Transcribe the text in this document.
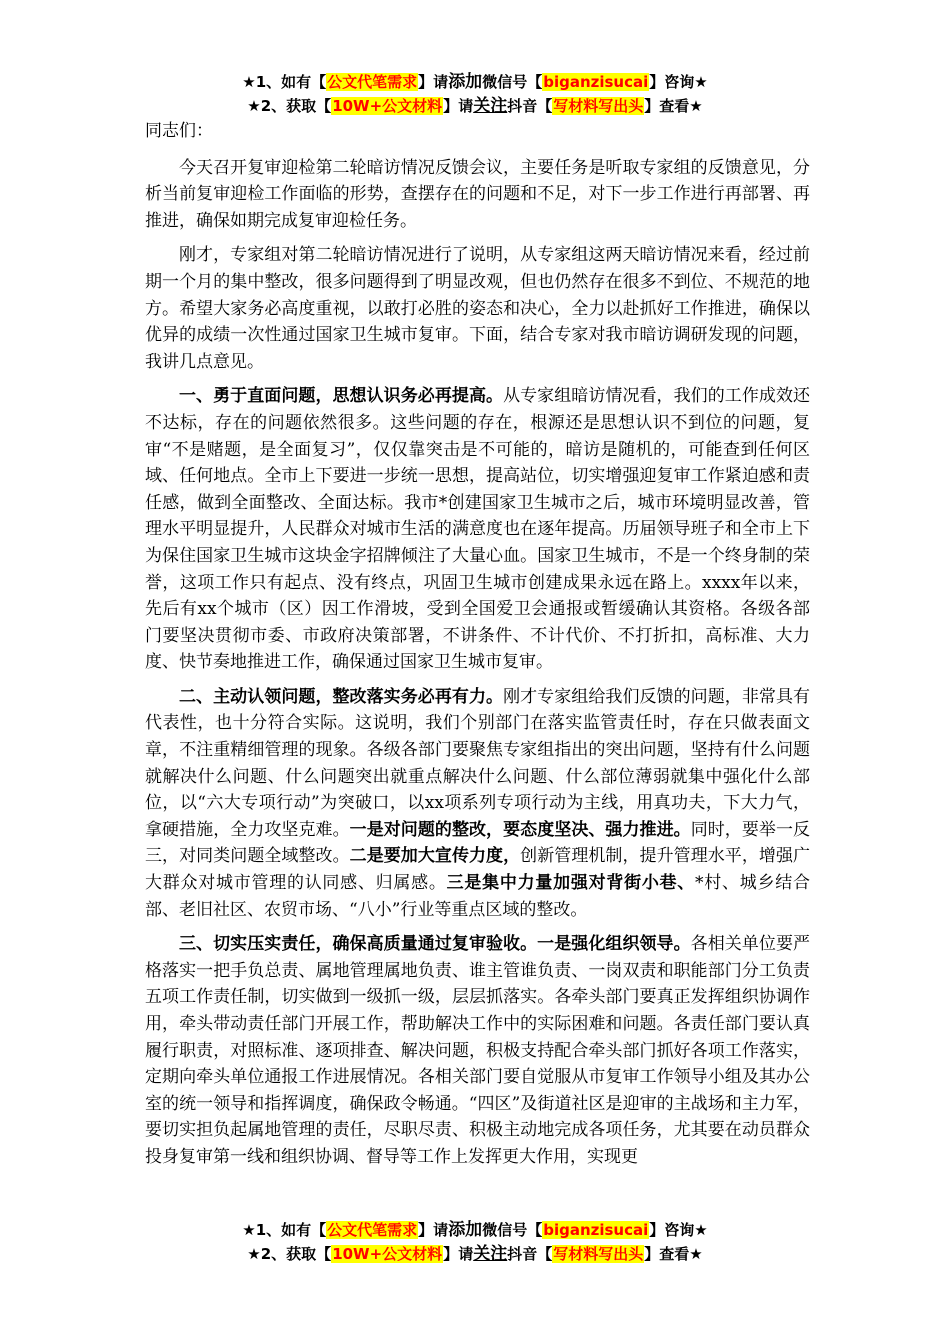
★1、如有【公文代笔需求】请添加微信号【biganzisucai】咨询★
★2、获取【10W+公文材料】请关注抖音【写材料写出头】查看★

同志们：

今天召开复审迎检第二轮暗访情况反馈会议，主要任务是听取专家组的反馈意见，分析当前复审迎检工作面临的形势，查摆存在的问题和不足，对下一步工作进行再部署、再推进，确保如期完成复审迎检任务。

刚才，专家组对第二轮暗访情况进行了说明，从专家组这两天暗访情况来看，经过前期一个月的集中整改，很多问题得到了明显改观，但也仍然存在很多不到位、不规范的地方。希望大家务必高度重视，以敢打必胜的姿态和决心，全力以赴抓好工作推进，确保以优异的成绩一次性通过国家卫生城市复审。下面，结合专家对我市暗访调研发现的问题，我讲几点意见。

一、勇于直面问题，思想认识务必再提高。从专家组暗访情况看，我们的工作成效还不达标，存在的问题依然很多。这些问题的存在，根源还是思想认识不到位的问题，复审“不是赌题，是全面复习”，仅仅靠突击是不可能的，暗访是随机的，可能查到任何区域、任何地点。全市上下要进一步统一思想，提高站位，切实增强迎复审工作紧迫感和责任感，做到全面整改、全面达标。我市*创建国家卫生城市之后，城市环境明显改善，管理水平明显提升，人民群众对城市生活的满意度也在逐年提高。历届领导班子和全市上下为保住国家卫生城市这块金字招牌倾注了大量心血。国家卫生城市，不是一个终身制的荣誉，这项工作只有起点、没有终点，巩固卫生城市创建成果永远在路上。xxxx年以来，先后有xx个城市（区）因工作滑坡，受到全国爱卫会通报或暂缓确认其资格。各级各部门要坚决贯彻市委、市政府决策部署，不讲条件、不计代价、不打折扣，高标准、大力度、快节奏地推进工作，确保通过国家卫生城市复审。

二、主动认领问题，整改落实务必再有力。刚才专家组给我们反馈的问题，非常具有代表性，也十分符合实际。这说明，我们个别部门在落实监管责任时，存在只做表面文章，不注重精细管理的现象。各级各部门要聚焦专家组指出的突出问题，坚持有什么问题就解决什么问题、什么问题突出就重点解决什么问题、什么部位薄弱就集中强化什么部位，以“六大专项行动”为突破口，以xx项系列专项行动为主线，用真功夫，下大力气，拿硬措施，全力攻坚克难。一是对问题的整改，要态度坚决、强力推进。同时，要举一反三，对同类问题全域整改。二是要加大宣传力度，创新管理机制，提升管理水平，增强广大群众对城市管理的认同感、归属感。三是集中力量加强对背街小巷、*村、城乡结合部、老旧社区、农贸市场、“八小”行业等重点区域的整改。

三、切实压实责任，确保高质量通过复审验收。一是强化组织领导。各相关单位要严格落实一把手负总责、属地管理属地负责、谁主管谁负责、一岗双责和职能部门分工负责五项工作责任制，切实做到一级抓一级，层层抓落实。各牵头部门要真正发挥组织协调作用，牵头带动责任部门开展工作，帮助解决工作中的实际困难和问题。各责任部门要认真履行职责，对照标准、逐项排查、解决问题，积极支持配合牵头部门抓好各项工作落实，定期向牵头单位通报工作进展情况。各相关部门要自觉服从市复审工作领导小组及其办公室的统一领导和指挥调度，确保政令畅通。“四区”及街道社区是迎审的主战场和主力军，要切实担负起属地管理的责任，尽职尽责、积极主动地完成各项任务，尤其要在动员群众投身复审第一线和组织协调、督导等工作上发挥更大作用，实现更

★1、如有【公文代笔需求】请添加微信号【biganzisucai】咨询★
★2、获取【10W+公文材料】请关注抖音【写材料写出头】查看★
